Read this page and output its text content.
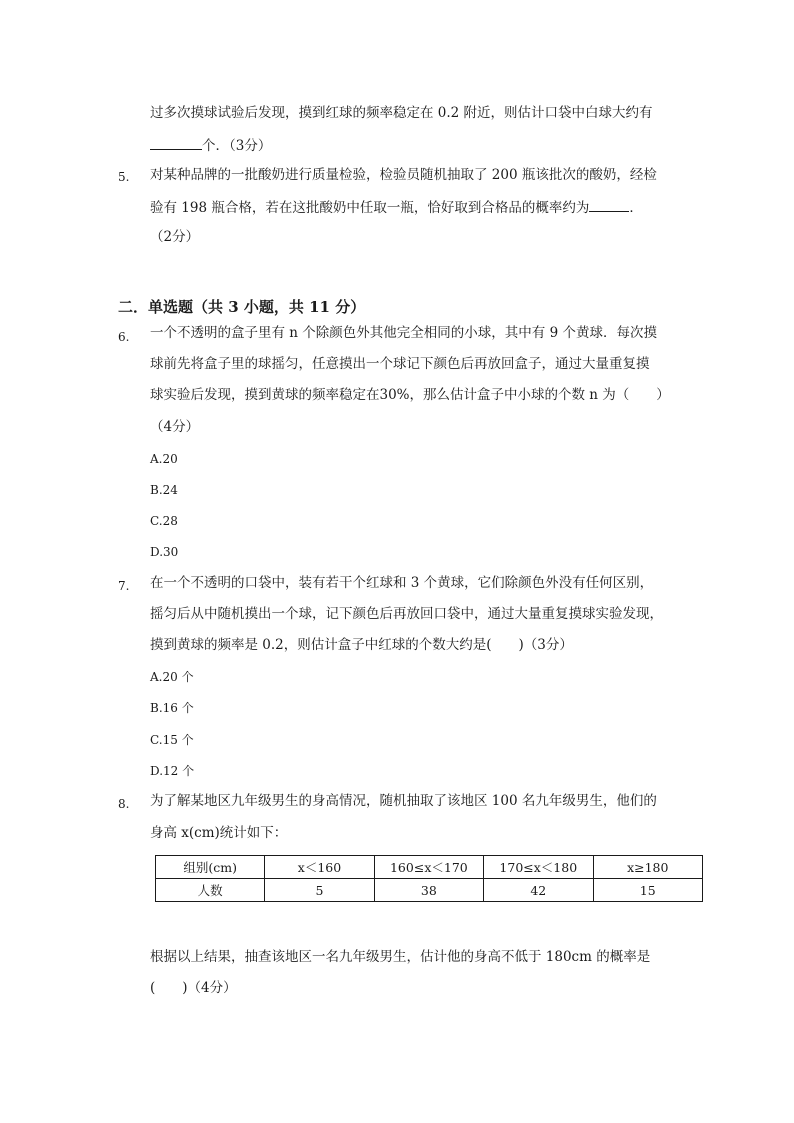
过多次摸球试验后发现，摸到红球的频率稳定在 0.2 附近，则估计口袋中白球大约有
个．（3分）
5. 对某种品牌的一批酸奶进行质量检验，检验员随机抽取了 200 瓶该批次的酸奶，经检
验有 198 瓶合格，若在这批酸奶中任取一瓶，恰好取到合格品的概率约为	．
（2分）
二．单选题（共 3 小题，共 11 分）
6. 一个不透明的盒子里有 n 个除颜色外其他完全相同的小球，其中有 9 个黄球．每次摸
球前先将盒子里的球摇匀，任意摸出一个球记下颜色后再放回盒子，通过大量重复摸
球实验后发现，摸到黄球的频率稳定在30%，那么估计盒子中小球的个数 n 为（　　）
（4分）
A.20
B.24
C.28
D.30
7. 在一个不透明的口袋中，装有若干个红球和 3 个黄球，它们除颜色外没有任何区别，
摇匀后从中随机摸出一个球，记下颜色后再放回口袋中，通过大量重复摸球实验发现，
摸到黄球的频率是 0.2，则估计盒子中红球的个数大约是(　　)（3分）
A.20 个
B.16 个
C.15 个
D.12 个
8. 为了解某地区九年级男生的身高情况，随机抽取了该地区 100 名九年级男生，他们的
身高 x(cm)统计如下：
组别(cm)	x＜160	160≤x＜170	170≤x＜180	x≥180
人数	5	38	42	15
根据以上结果，抽查该地区一名九年级男生，估计他的身高不低于 180cm 的概率是
(　　)（4分）
